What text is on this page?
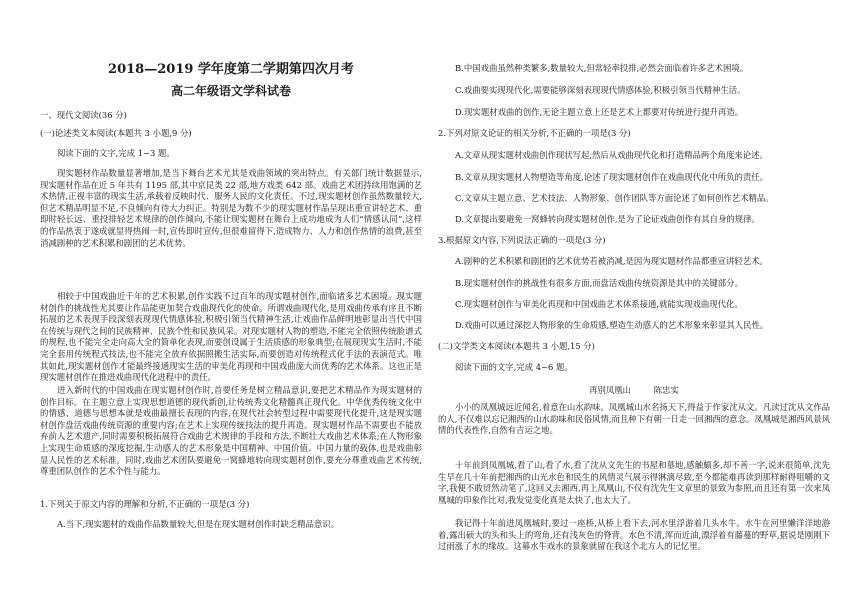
2018—2019 学年度第二学期第四次月考
高二年级语文学科试卷
一、现代文阅读(36 分)
(一)论述类文本阅读(本题共 3 小题,9 分)
阅读下面的文字,完成 1~3 题。
现实题材作品数量显著增加,是当下舞台艺术尤其是戏曲领域的突出特点。有关部门统计数据显示,现实题材作品在近 5 年共有 1195 部,其中京昆类 22 部,地方戏类 642 部。戏曲艺术团持续用饱满的艺术热情,正视丰富的现实生活,承载着反映时代、服务人民的文化责任。不过,现实题材创作虽然数量较大,但艺术精品明显不足,不良倾向有待大力纠正。特别是为数不少的现实题材作品呈现出重宣讲轻艺术、重即时轻长远、重投排轻艺术规律的创作倾向,不能让现实题材在舞台上成功地成为人们“情感认同”,这样的作品热衷于遂成就显得热闹一时,宣传即时宣传,但很难留得下,造成物力、人力和创作热情的浪费,甚至消减剧种的艺术积累和剧团的艺术优势。
相较于中国戏曲近千年的艺术积累,创作实践不过百年的现实题材创作,面临诸多艺术困境。现实题材创作的挑战性尤其要让作品能更加契合戏曲现代化的使命。所谓戏曲现代化,是用戏曲传承有序且不断拓展的艺术表现手段深刻表现现代情感体验,积极引领当代精神生活,让戏曲作品鲜明地彰显出当代中国在传统与现代之间的民族精神、民族个性和民族风采。对现实题材人物的塑造,不能完全依照传统脸谱式的规程,也不能完全走向高大全的简单化表现,而要创设属于生活质感的形象典型;在展现现实生活时,不能完全套用传统程式技法,也不能完全放弃依据照搬生活实际,而要创造对传统程式化手法的表演范式。唯其如此,现实题材创作才能最终接通现实生活的审美化再现和中国戏曲庞大而优秀的艺术体系。这也正是现实题材创作在推进戏曲现代化进程中的责任。
进入新时代的中国戏曲在现实题材创作时,首要任务是树立精品意识,要把艺术精品作为现实题材的创作目标。在主题立意上实现思想道德的现代新创,让传统秀文化精髓真正现代化。中华优秀传统文化中的情感、道德与思想本就是戏曲最擅长表现的内容,在现代社会转型过程中需要现代化提升,这是现实题材创作盘活戏曲传统资源的重要内容;在艺术上实现传统技法的提升再造。现实题材作品不需要也不能放弃前人艺术遗产,同时需要积极拓展符合戏曲艺术规律的手段和方法,不断壮大戏曲艺术体系;在人物形象上实现生命质感的深度挖掘,生动感人的艺术形象是中国精神、中国价值、中国力量的载体,也是戏曲彰显人民性的艺术标准。同时,戏曲艺术团队要避免一窝蜂地转向现实题材创作,要充分尊重戏曲艺术传统,尊重团队创作的艺术个性与能力。
1.下列关于原文内容的理解和分析,不正确的一项是(3 分)
A.当下,现实题材的戏曲作品数量较大,但是在现实题材创作时缺乏精品意识。
B.中国戏曲虽然种类繁多,数量较大,但常轻率投排,必然会面临着许多艺术困境。
C.戏曲要实现现代化,需要能够深刻表现现代情感体验,积极引领当代精神生活。
D.现实题材戏曲的创作,无论主题立意上还是艺术上都要对传统进行提升再造。
2.下列对原文论证的相关分析,不正确的一项是(3 分)
A.文章从现实题材戏曲创作现状写起,然后从戏曲现代化和打造精品两个角度来论述。
B.文章从现实题材人物塑造等角度,论述了现实题材创作在戏曲现代化中所负的责任。
C.文章从主题立意、艺术技法、人物形象、创作团队等方面论述了如何创作艺术精品。
D.文章提出要避免一窝蜂转向现实题材创作,是为了论证戏曲创作有其自身的规律。
3.根据原文内容,下列说法正确的一项是(3 分)
A.剧种的艺术积累和剧团的艺术优势若被消减,是因为现实题材作品都重宣讲轻艺术。
B.现实题材创作的挑战性有很多方面,而盘活戏曲传统资源是其中的关键部分。
C.现实题材创作与审美化再现和中国戏曲艺术体系接通,就能实现戏曲现代化。
D.戏曲可以通过深挖人物形象的生命质感,塑造生动感人的艺术形象来彰显其人民性。
(二)文学类文本阅读(本题共 3 小题,15 分)
阅读下面的文字,完成 4~6 题。
再别凤凰山	陈忠实
小小的凤凰城远近闻名,着意在山水韵味。凤凰城山水名扬天下,得益于作家沈从文。凡读过沈从文作品的人,不仅难以忘记湘西的山水韵味和民俗风情,而且种下有朝一日走一回湘西的意念。凤凰城是湘西风景风情的代表性作,自然有吉运之地。
十年前到凤凰城,看了山,看了水,看了沈从文先生的书屋和墓地,感触颇多,却不善一字,说来很简单,沈先生早在几十年前把湘西的山光水色和民生的风情灵气展示得淋漓尽致,至今都能难再读到那样耐得咀嚼的文字,我便不敢贸然动笔了,这回又去湘西,再上凤凰山,不仅有沈先生文章里的景致为参照,而且还有第一次来凤凰城的印象作比对,我发觉变化真是太快了,也太大了。
我记得十年前进凤凰城时,要过一座桥,从桥上看下去,河水里浮游着几头水牛。水牛在河里懒洋洋地游着,露出硕大的头和头上的弯角,还有浅灰色的脊背。水色不清,浑而近油,漂浮着有藤蔓的野草,据说是刚刚下过雨涨了水的缘故。这幕水牛戏水的景象就留在我这个北方人的记忆里。
